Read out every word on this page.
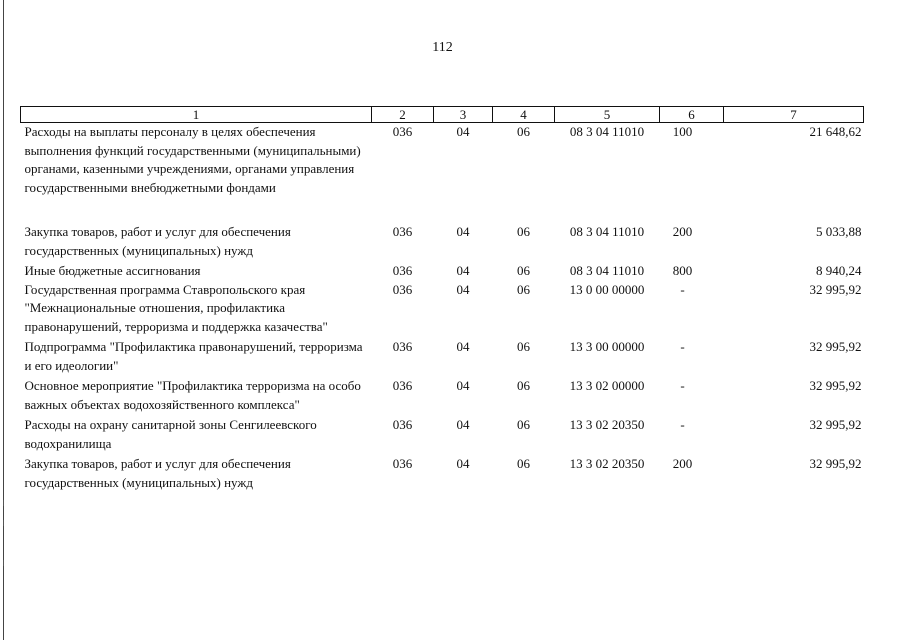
112
1	2	3	4	5	6	7
Расходы на выплаты персоналу в целях обеспечения выполнения функций государственными (муниципальными) органами, казенными учреждениями, органами управления государственными внебюджетными фондами	036	04	06	08 3 04 11010	100	21 648,62
Закупка товаров, работ и услуг для обеспечения государственных (муниципальных) нужд	036	04	06	08 3 04 11010	200	5 033,88
Иные бюджетные ассигнования	036	04	06	08 3 04 11010	800	8 940,24
Государственная программа Ставропольского края "Межнациональные отношения, профилактика правонарушений, терроризма и поддержка казачества"	036	04	06	13 0 00 00000	-	32 995,92
Подпрограмма "Профилактика правонарушений, терроризма и его идеологии"	036	04	06	13 3 00 00000	-	32 995,92
Основное мероприятие "Профилактика терроризма на особо важных объектах водохозяйственного комплекса"	036	04	06	13 3 02 00000	-	32 995,92
Расходы на охрану санитарной зоны Сенгилеевского водохранилища	036	04	06	13 3 02 20350	-	32 995,92
Закупка товаров, работ и услуг для обеспечения государственных (муниципальных) нужд	036	04	06	13 3 02 20350	200	32 995,92
